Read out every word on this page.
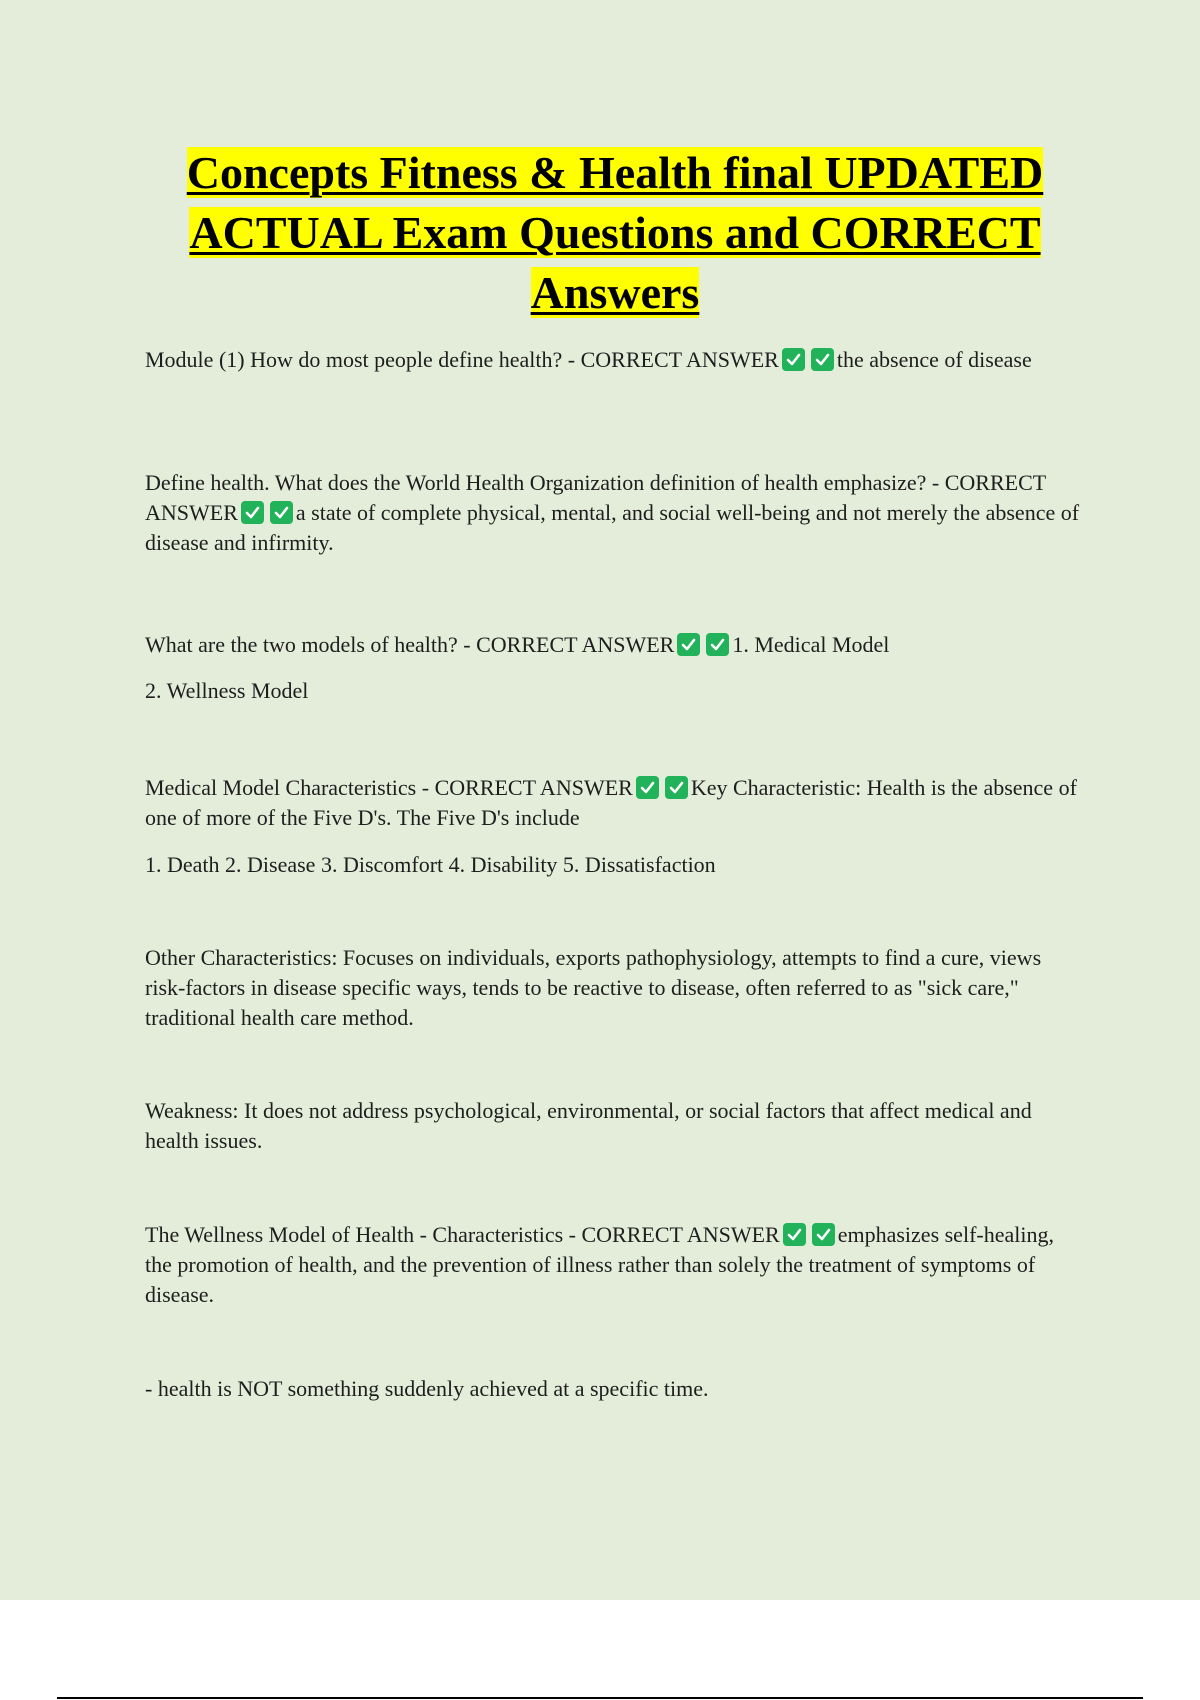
Concepts Fitness & Health final UPDATED ACTUAL Exam Questions and CORRECT Answers

Module (1) How do most people define health? - CORRECT ANSWER	the absence of disease

Define health. What does the World Health Organization definition of health emphasize? - CORRECT ANSWER	a state of complete physical, mental, and social well-being and not merely the absence of disease and infirmity.

What are the two models of health? - CORRECT ANSWER	1. Medical Model

2. Wellness Model

Medical Model Characteristics - CORRECT ANSWER	Key Characteristic: Health is the absence of one of more of the Five D's. The Five D's include

1. Death 2. Disease 3. Discomfort 4. Disability 5. Dissatisfaction

Other Characteristics: Focuses on individuals, exports pathophysiology, attempts to find a cure, views risk-factors in disease specific ways, tends to be reactive to disease, often referred to as "sick care," traditional health care method.

Weakness: It does not address psychological, environmental, or social factors that affect medical and health issues.

The Wellness Model of Health - Characteristics - CORRECT ANSWER	emphasizes self-healing, the promotion of health, and the prevention of illness rather than solely the treatment of symptoms of disease.

- health is NOT something suddenly achieved at a specific time.
